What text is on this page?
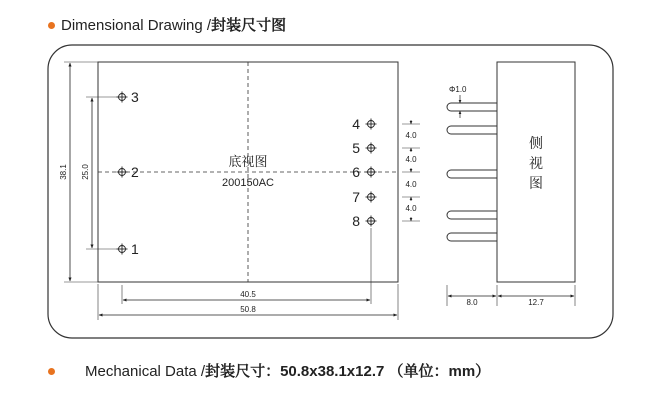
Dimensional Drawing /封装尺寸图
底视图
200150AC
3
2
1
4
5
6
7
8
38.1 25.0
40.5
50.8
4.0
4.0
4.0
4.0
侧
视
图
Φ1.0
8.0	12.7
Mechanical Data /封装尺寸：50.8x38.1x12.7 （单位：mm）
